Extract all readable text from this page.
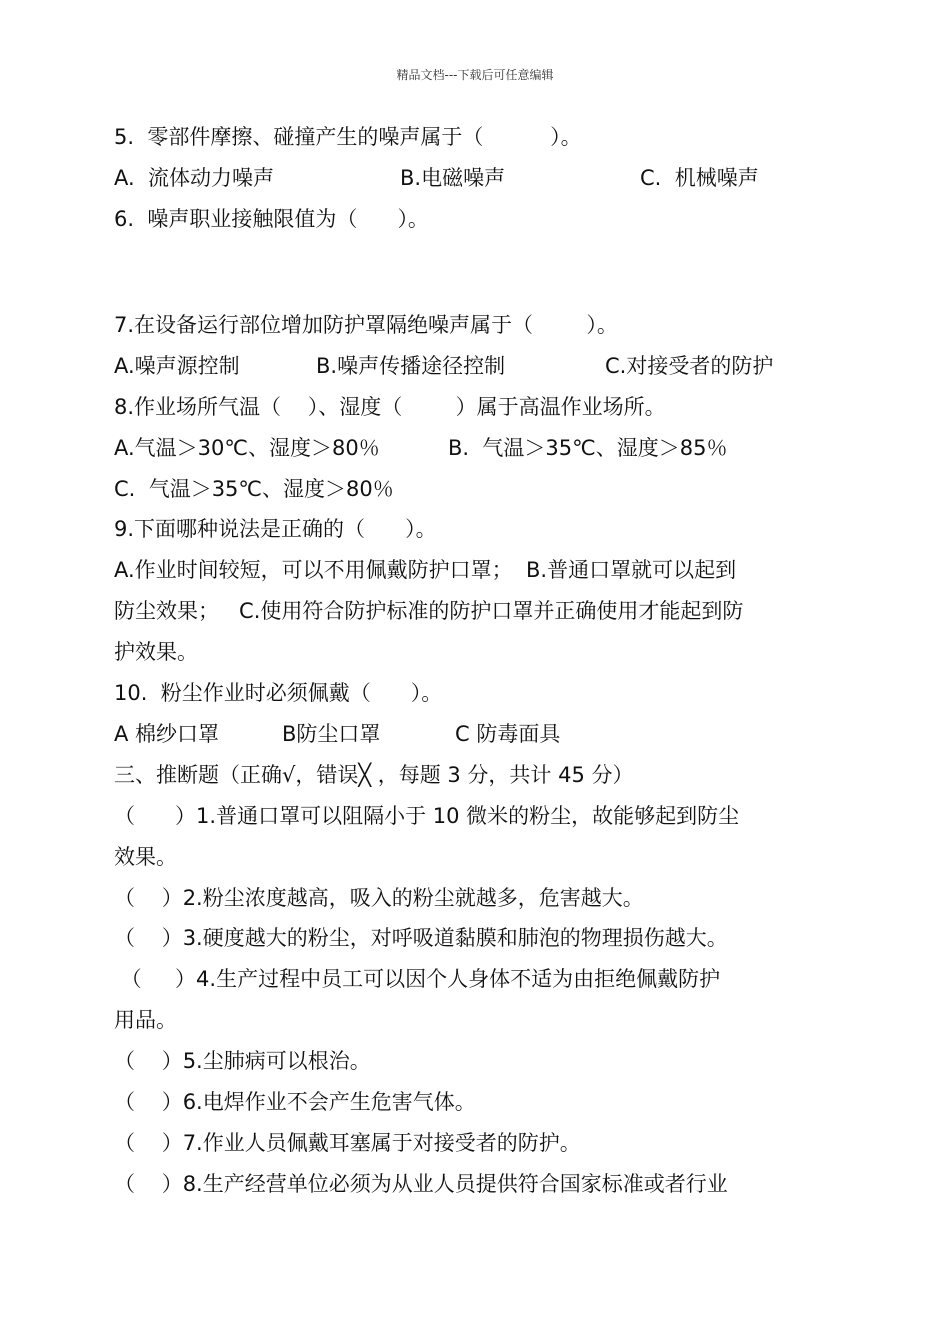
精品文档---下载后可任意编辑
5.  零部件摩擦、碰撞产生的噪声属于（          ）。
A.  流体动力噪声	B.电磁噪声	C.  机械噪声
6.  噪声职业接触限值为（      ）。
7.在设备运行部位增加防护罩隔绝噪声属于（        ）。
A.噪声源控制	B.噪声传播途径控制	C.对接受者的防护
8.作业场所气温（    ）、湿度（        ）属于高温作业场所。
A.气温＞30℃、湿度＞80％	B.  气温＞35℃、湿度＞85％
C.  气温＞35℃、湿度＞80％
9.下面哪种说法是正确的（      ）。
A.作业时间较短，可以不用佩戴防护口罩；  B.普通口罩就可以起到
防尘效果；   C.使用符合防护标准的防护口罩并正确使用才能起到防
护效果。
10.  粉尘作业时必须佩戴（      ）。
A 棉纱口罩	B防尘口罩	C 防毒面具
三、推断题（正确√，错误╳ ，每题 3 分，共计 45 分）
（      ）1.普通口罩可以阻隔小于 10 微米的粉尘，故能够起到防尘
效果。
（    ）2.粉尘浓度越高，吸入的粉尘就越多，危害越大。
（    ）3.硬度越大的粉尘，对呼吸道黏膜和肺泡的物理损伤越大。
（     ）4.生产过程中员工可以因个人身体不适为由拒绝佩戴防护
用品。
（    ）5.尘肺病可以根治。
（    ）6.电焊作业不会产生危害气体。
（    ）7.作业人员佩戴耳塞属于对接受者的防护。
（    ）8.生产经营单位必须为从业人员提供符合国家标准或者行业
